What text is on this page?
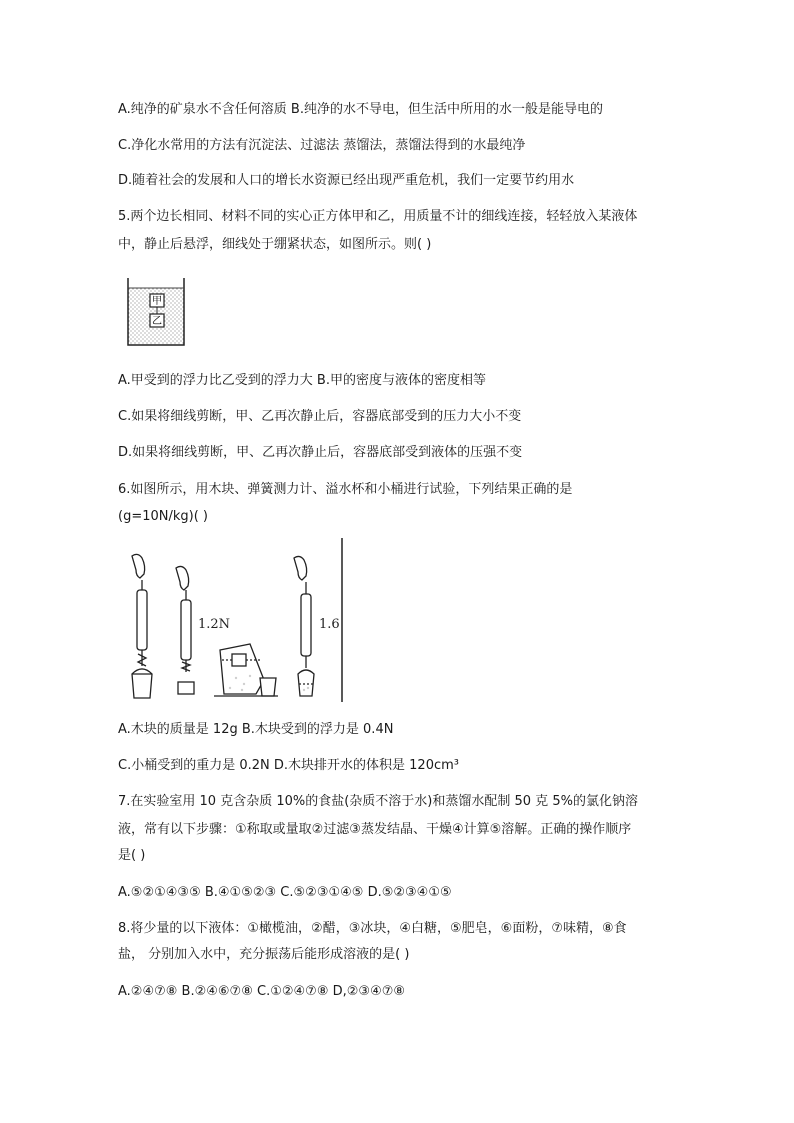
A.纯净的矿泉水不含任何溶质 B.纯净的水不导电，但生活中所用的水一般是能导电的
C.净化水常用的方法有沉淀法、过滤法 蒸馏法，蒸馏法得到的水最纯净
D.随着社会的发展和人口的增长水资源已经出现严重危机，我们一定要节约用水
5.两个边长相同、材料不同的实心正方体甲和乙，用质量不计的细线连接，轻轻放入某液体
中，静止后悬浮，细线处于绷紧状态，如图所示。则( )
甲
乙
A.甲受到的浮力比乙受到的浮力大 B.甲的密度与液体的密度相等
C.如果将细线剪断，甲、乙再次静止后，容器底部受到的压力大小不变
D.如果将细线剪断，甲、乙再次静止后，容器底部受到液体的压强不变
6.如图所示，用木块、弹簧测力计、溢水杯和小桶进行试验，下列结果正确的是
(g=10N/kg)( )
1.2N	1.6
A.木块的质量是 12g B.木块受到的浮力是 0.4N
C.小桶受到的重力是 0.2N D.木块排开水的体积是 120cm³
7.在实验室用 10 克含杂质 10%的食盐(杂质不溶于水)和蒸馏水配制 50 克 5%的氯化钠溶
液，常有以下步骤：①称取或量取②过滤③蒸发结晶、干燥④计算⑤溶解。正确的操作顺序
是( )
A.⑤②①④③⑤ B.④①⑤②③ C.⑤②③①④⑤ D.⑤②③④①⑤
8.将少量的以下液体：①橄榄油，②醋，③冰块，④白糖，⑤肥皂，⑥面粉，⑦味精，⑧食
盐， 分别加入水中，充分振荡后能形成溶液的是( )
A.②④⑦⑧ B.②④⑥⑦⑧ C.①②④⑦⑧ D,②③④⑦⑧
